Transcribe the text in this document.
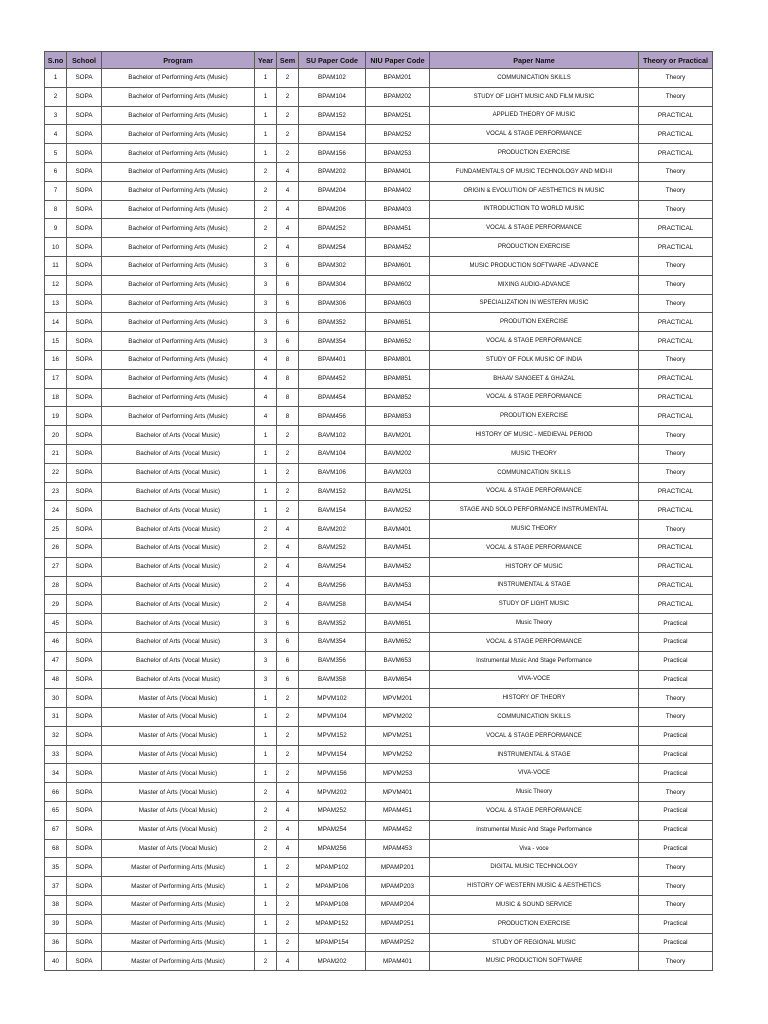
S.no	School	Program	Year	Sem	SU Paper Code	NIU Paper Code	Paper Name	Theory or Practical
1	SOPA	Bachelor of Performing Arts (Music)	1	2	BPAM102	BPAM201	COMMUNICATION SKILLS	Theory
2	SOPA	Bachelor of Performing Arts (Music)	1	2	BPAM104	BPAM202	STUDY OF LIGHT MUSIC AND FILM MUSIC	Theory
3	SOPA	Bachelor of Performing Arts (Music)	1	2	BPAM152	BPAM251	APPLIED THEORY OF MUSIC	PRACTICAL
4	SOPA	Bachelor of Performing Arts (Music)	1	2	BPAM154	BPAM252	VOCAL & STAGE PERFORMANCE	PRACTICAL
5	SOPA	Bachelor of Performing Arts (Music)	1	2	BPAM156	BPAM253	PRODUCTION EXERCISE	PRACTICAL
6	SOPA	Bachelor of Performing Arts (Music)	2	4	BPAM202	BPAM401	FUNDAMENTALS OF MUSIC TECHNOLOGY AND MIDI-II	Theory
7	SOPA	Bachelor of Performing Arts (Music)	2	4	BPAM204	BPAM402	ORIGIN & EVOLUTION OF AESTHETICS IN MUSIC	Theory
8	SOPA	Bachelor of Performing Arts (Music)	2	4	BPAM206	BPAM403	INTRODUCTION TO WORLD MUSIC	Theory
9	SOPA	Bachelor of Performing Arts (Music)	2	4	BPAM252	BPAM451	VOCAL & STAGE PERFORMANCE	PRACTICAL
10	SOPA	Bachelor of Performing Arts (Music)	2	4	BPAM254	BPAM452	PRODUCTION EXERCISE	PRACTICAL
11	SOPA	Bachelor of Performing Arts (Music)	3	6	BPAM302	BPAM601	MUSIC PRODUCTION SOFTWARE -ADVANCE	Theory
12	SOPA	Bachelor of Performing Arts (Music)	3	6	BPAM304	BPAM602	MIXING AUDIO-ADVANCE	Theory
13	SOPA	Bachelor of Performing Arts (Music)	3	6	BPAM306	BPAM603	SPECIALIZATION IN WESTERN MUSIC	Theory
14	SOPA	Bachelor of Performing Arts (Music)	3	6	BPAM352	BPAM651	PRODUTION EXERCISE	PRACTICAL
15	SOPA	Bachelor of Performing Arts (Music)	3	6	BPAM354	BPAM652	VOCAL & STAGE PERFORMANCE	PRACTICAL
16	SOPA	Bachelor of Performing Arts (Music)	4	8	BPAM401	BPAM801	STUDY OF FOLK MUSIC OF INDIA	Theory
17	SOPA	Bachelor of Performing Arts (Music)	4	8	BPAM452	BPAM851	BHAAV SANGEET & GHAZAL	PRACTICAL
18	SOPA	Bachelor of Performing Arts (Music)	4	8	BPAM454	BPAM852	VOCAL & STAGE PERFORMANCE	PRACTICAL
19	SOPA	Bachelor of Performing Arts (Music)	4	8	BPAM456	BPAM853	PRODUTION EXERCISE	PRACTICAL
20	SOPA	Bachelor of Arts (Vocal Music)	1	2	BAVM102	BAVM201	HISTORY OF MUSIC - MEDIEVAL PERIOD	Theory
21	SOPA	Bachelor of Arts (Vocal Music)	1	2	BAVM104	BAVM202	MUSIC THEORY	Theory
22	SOPA	Bachelor of Arts (Vocal Music)	1	2	BAVM106	BAVM203	COMMUNICATION SKILLS	Theory
23	SOPA	Bachelor of Arts (Vocal Music)	1	2	BAVM152	BAVM251	VOCAL & STAGE PERFORMANCE	PRACTICAL
24	SOPA	Bachelor of Arts (Vocal Music)	1	2	BAVM154	BAVM252	STAGE AND SOLO PERFORMANCE INSTRUMENTAL	PRACTICAL
25	SOPA	Bachelor of Arts (Vocal Music)	2	4	BAVM202	BAVM401	MUSIC THEORY	Theory
26	SOPA	Bachelor of Arts (Vocal Music)	2	4	BAVM252	BAVM451	VOCAL & STAGE PERFORMANCE	PRACTICAL
27	SOPA	Bachelor of Arts (Vocal Music)	2	4	BAVM254	BAVM452	HISTORY OF MUSIC	PRACTICAL
28	SOPA	Bachelor of Arts (Vocal Music)	2	4	BAVM256	BAVM453	INSTRUMENTAL & STAGE	PRACTICAL
29	SOPA	Bachelor of Arts (Vocal Music)	2	4	BAVM258	BAVM454	STUDY OF LIGHT MUSIC	PRACTICAL
45	SOPA	Bachelor of Arts (Vocal Music)	3	6	BAVM352	BAVM651	Music Theory	Practical
46	SOPA	Bachelor of Arts (Vocal Music)	3	6	BAVM354	BAVM652	VOCAL & STAGE PERFORMANCE	Practical
47	SOPA	Bachelor of Arts (Vocal Music)	3	6	BAVM356	BAVM653	Instrumental Music And Stage Performance	Practical
48	SOPA	Bachelor of Arts (Vocal Music)	3	6	BAVM358	BAVM654	VIVA-VOCE	Practical
30	SOPA	Master of Arts (Vocal Music)	1	2	MPVM102	MPVM201	HISTORY OF THEORY	Theory
31	SOPA	Master of Arts (Vocal Music)	1	2	MPVM104	MPVM202	COMMUNICATION SKILLS	Theory
32	SOPA	Master of Arts (Vocal Music)	1	2	MPVM152	MPVM251	VOCAL & STAGE PERFORMANCE	Practical
33	SOPA	Master of Arts (Vocal Music)	1	2	MPVM154	MPVM252	INSTRUMENTAL & STAGE	Practical
34	SOPA	Master of Arts (Vocal Music)	1	2	MPVM156	MPVM253	VIVA-VOCE	Practical
66	SOPA	Master of Arts (Vocal Music)	2	4	MPVM202	MPVM401	Music Theory	Theory
65	SOPA	Master of Arts (Vocal Music)	2	4	MPAM252	MPAM451	VOCAL & STAGE PERFORMANCE	Practical
67	SOPA	Master of Arts (Vocal Music)	2	4	MPAM254	MPAM452	Instrumental Music And Stage Performance	Practical
68	SOPA	Master of Arts (Vocal Music)	2	4	MPAM256	MPAM453	Viva - voce	Practical
35	SOPA	Master of Performing Arts (Music)	1	2	MPAMP102	MPAMP201	DIGITAL MUSIC TECHNOLOGY	Theory
37	SOPA	Master of Performing Arts (Music)	1	2	MPAMP106	MPAMP203	HISTORY OF WESTERN MUSIC & AESTHETICS	Theory
38	SOPA	Master of Performing Arts (Music)	1	2	MPAMP108	MPAMP204	MUSIC & SOUND SERVICE	Theory
39	SOPA	Master of Performing Arts (Music)	1	2	MPAMP152	MPAMP251	PRODUCTION EXERCISE	Practical
36	SOPA	Master of Performing Arts (Music)	1	2	MPAMP154	MPAMP252	STUDY OF REGIONAL MUSIC	Practical
40	SOPA	Master of Performing Arts (Music)	2	4	MPAM202	MPAM401	MUSIC PRODUCTION SOFTWARE	Theory
